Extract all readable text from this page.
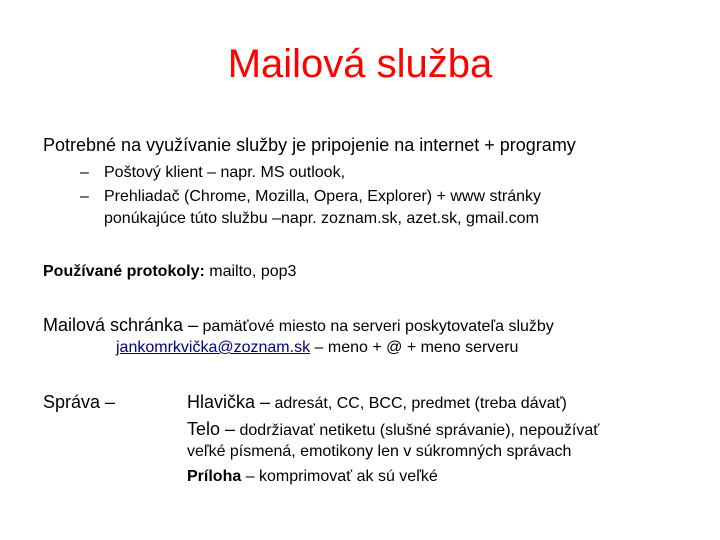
Mailová služba
Potrebné na využívanie služby je pripojenie na internet + programy
– Poštový klient – napr. MS outlook,
– Prehliadač (Chrome, Mozilla, Opera, Explorer) + www stránky
ponúkajúce túto službu –napr. zoznam.sk, azet.sk, gmail.com
Používané protokoly: mailto, pop3
Mailová schránka – pamäťové miesto na serveri poskytovateľa služby
jankomrkvička@zoznam.sk – meno + @ + meno serveru
Správa –	Hlavička – adresát, CC, BCC, predmet (treba dávať)
Telo – dodržiavať netiketu (slušné správanie), nepoužívať
veľké písmená, emotikony len v súkromných správach
Príloha – komprimovať ak sú veľké
